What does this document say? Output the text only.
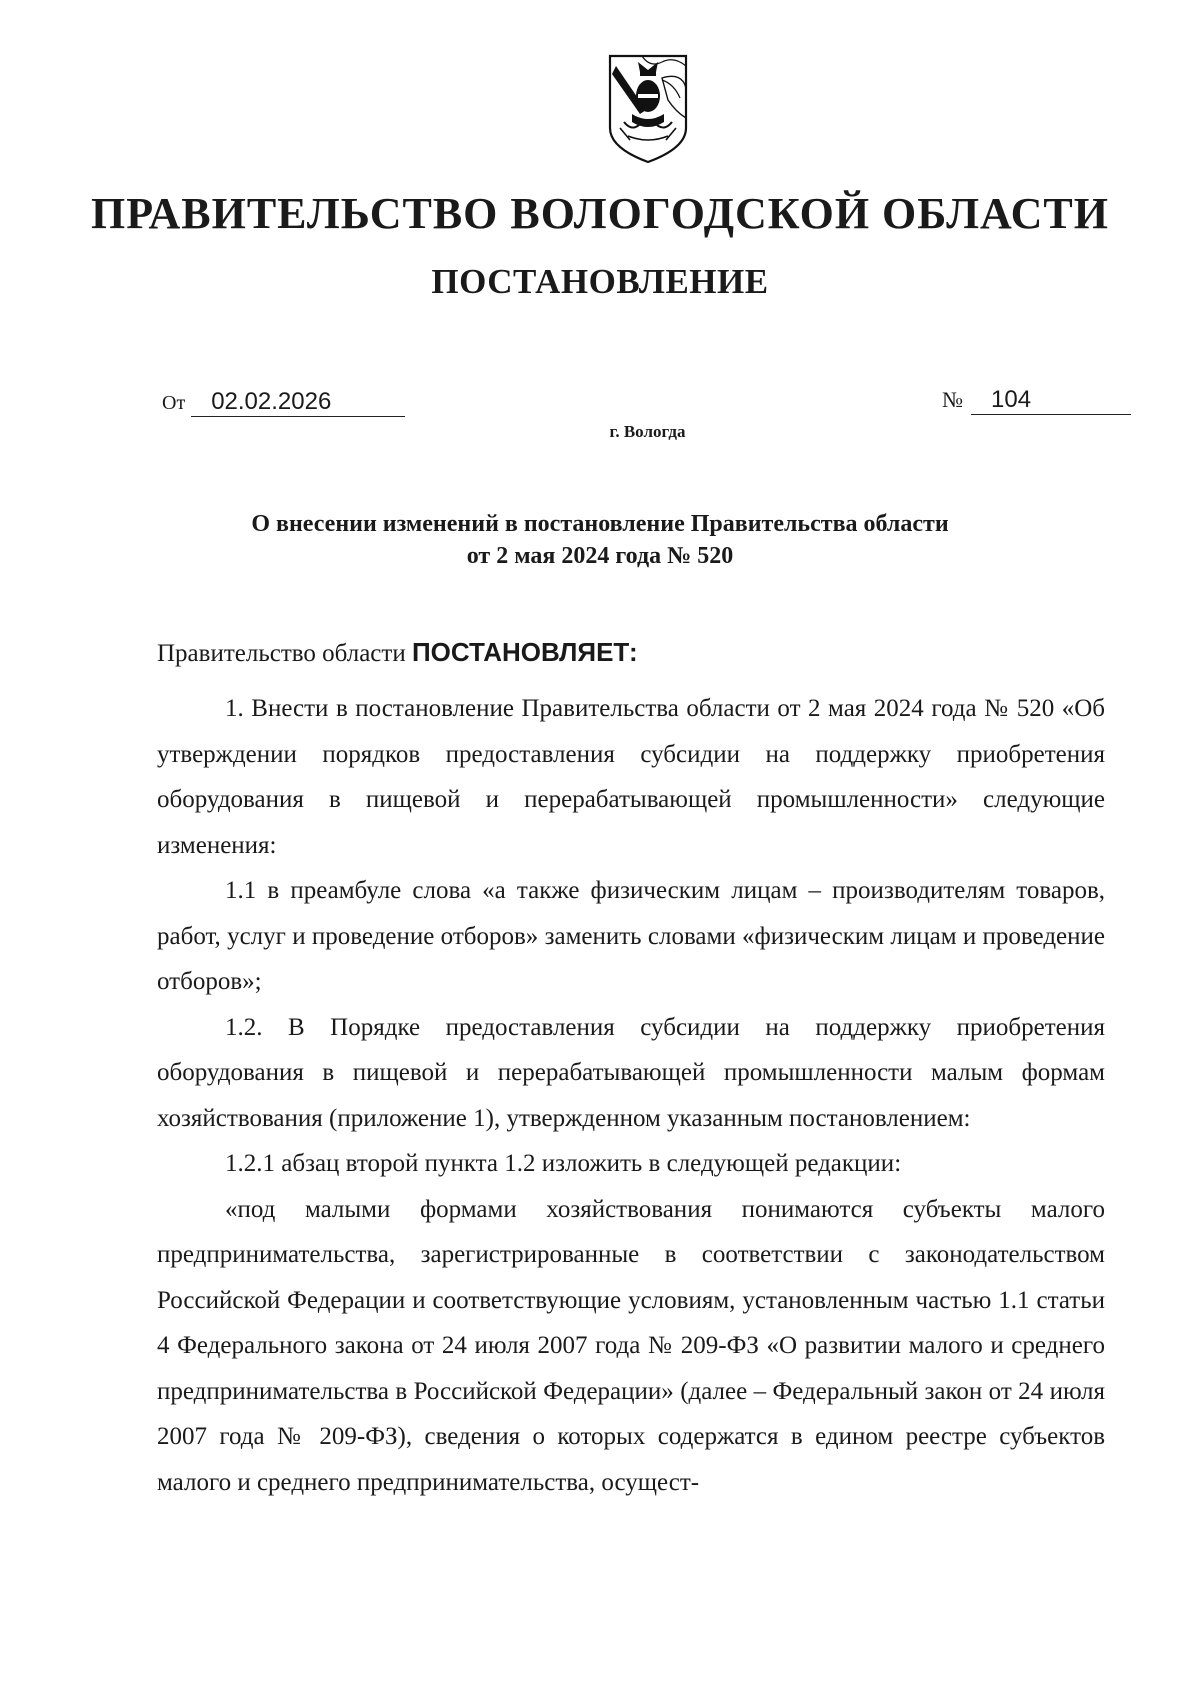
ПРАВИТЕЛЬСТВО ВОЛОГОДСКОЙ ОБЛАСТИ
ПОСТАНОВЛЕНИЕ
От 02.02.2026	№ 104
г. Вологда
О внесении изменений в постановление Правительства области
от 2 мая 2024 года № 520
Правительство области ПОСТАНОВЛЯЕТ:

1. Внести в постановление Правительства области от 2 мая 2024 года № 520 «Об утверждении порядков предоставления субсидии на поддержку приобретения оборудования в пищевой и перерабатывающей промышленности» следующие изменения:

1.1 в преамбуле слова «а также физическим лицам – производителям товаров, работ, услуг и проведение отборов» заменить словами «физическим лицам и проведение отборов»;

1.2. В Порядке предоставления субсидии на поддержку приобретения оборудования в пищевой и перерабатывающей промышленности малым формам хозяйствования (приложение 1), утвержденном указанным постановлением:

1.2.1 абзац второй пункта 1.2 изложить в следующей редакции:

«под малыми формами хозяйствования понимаются субъекты малого предпринимательства, зарегистрированные в соответствии с законодательством Российской Федерации и соответствующие условиям, установленным частью 1.1 статьи 4 Федерального закона от 24 июля 2007 года № 209-ФЗ «О развитии малого и среднего предпринимательства в Российской Федерации» (далее – Федеральный закон от 24 июля 2007 года № 209-ФЗ), сведения о которых содержатся в едином реестре субъектов малого и среднего предпринимательства, осущест-
